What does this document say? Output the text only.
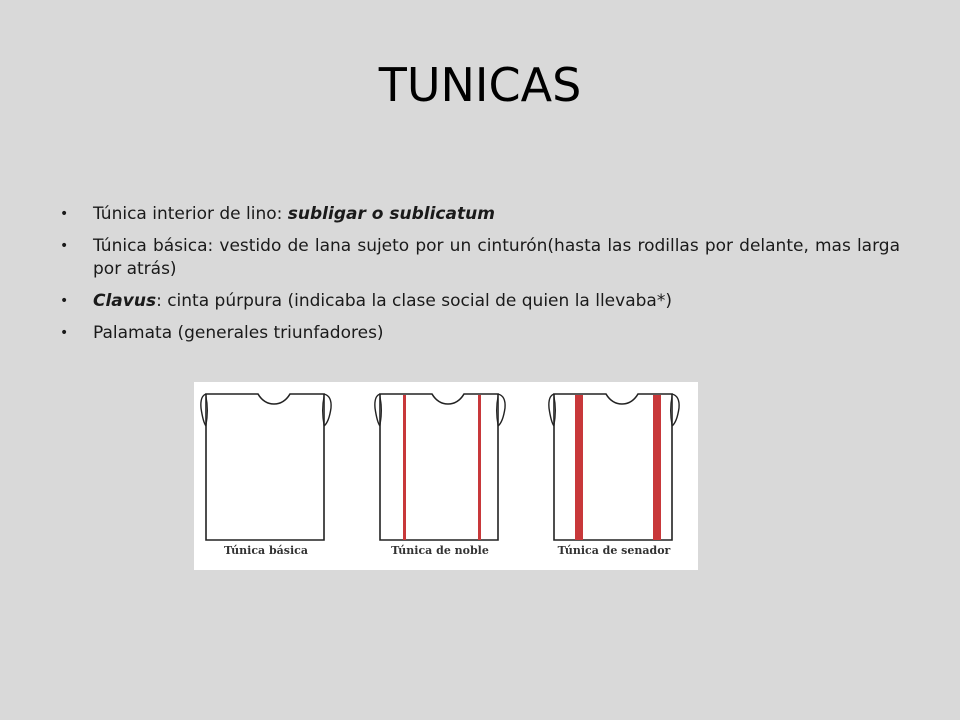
TUNICAS
• Túnica interior de lino: subligar o sublicatum
• Túnica básica: vestido de lana sujeto por un cinturón(hasta las rodillas por delante, mas larga por atrás)
• Clavus: cinta púrpura (indicaba la clase social de quien la llevaba*)
• Palamata (generales triunfadores)
Túnica básica	Túnica de noble	Túnica de senador
